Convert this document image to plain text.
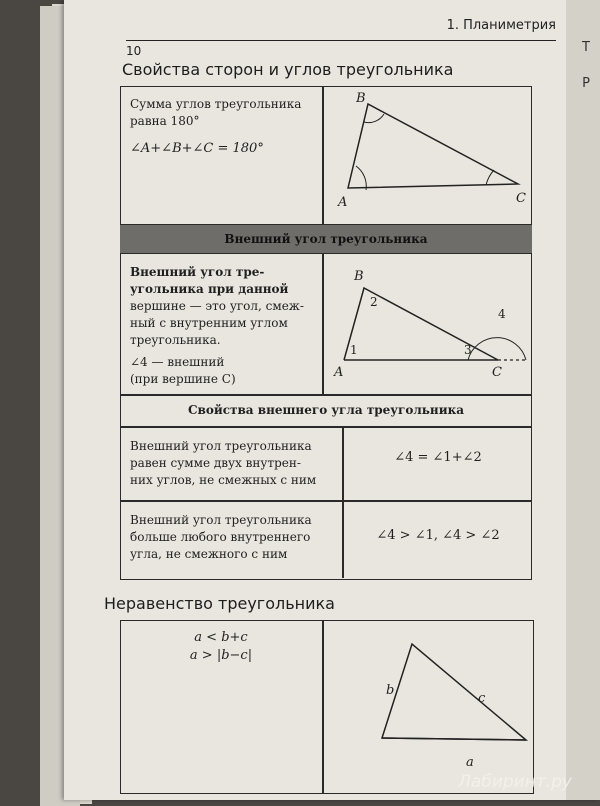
1. Планиметрия
10
Свойства сторон и углов треугольника
Сумма углов треугольника
равна 180°
∠A+∠B+∠C = 180°
A
B
C
Внешний угол треугольника
Внешний угол тре-
угольника при данной
вершине — это угол, смеж-
ный с внутренним углом
треугольника.
∠4 — внешний
(при вершине C)	A
B
C
1
2
3
4
Свойства внешнего угла треугольника
Внешний угол треугольника
равен сумме двух внутрен-
них углов, не смежных с ним
∠4 = ∠1+∠2
Внешний угол треугольника
больше любого внутреннего
угла, не смежного с ним
∠4 > ∠1, ∠4 > ∠2
Неравенство треугольника
a < b+c
a > |b−c|
b
c
a
Т
Р
Лабиринт.ру
